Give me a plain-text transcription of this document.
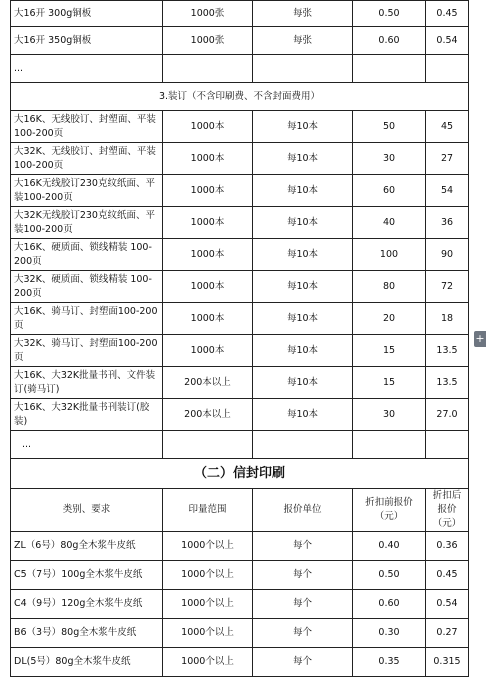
大16开 300g铜板	1000张	每张	0.50	0.45
大16开 350g铜板	1000张	每张	0.60	0.54
...				
3.装订（不含印刷费、不含封面费用）				
大16K、无线胶订、封塑面、平装 100-200页	1000本	每10本	50	45
大32K、无线胶订、封塑面、平装 100-200页	1000本	每10本	30	27
大16K无线胶订230克纹纸面、平装100-200页	1000本	每10本	60	54
大32K无线胶订230克纹纸面、平装100-200页	1000本	每10本	40	36
大16K、硬质面、锁线精装 100-200页	1000本	每10本	100	90
大32K、硬质面、锁线精装 100-200页	1000本	每10本	80	72
大16K、骑马订、封塑面100-200页	1000本	每10本	20	18
大32K、骑马订、封塑面100-200页	1000本	每10本	15	13.5
大16K、大32K批量书刊、文件装订(骑马订)	200本以上	每10本	15	13.5
大16K、大32K批量书刊装订(胶装)	200本以上	每10本	30	27.0
...				
（二）信封印刷				
类别、要求	印量范围	报价单位	折扣前报价（元）	折扣后报价（元）
ZL（6号）80g全木浆牛皮纸	1000个以上	每个	0.40	0.36
C5（7号）100g全木浆牛皮纸	1000个以上	每个	0.50	0.45
C4（9号）120g全木浆牛皮纸	1000个以上	每个	0.60	0.54
B6（3号）80g全木浆牛皮纸	1000个以上	每个	0.30	0.27
DL(5号）80g全木浆牛皮纸	1000个以上	每个	0.35	0.315
+
